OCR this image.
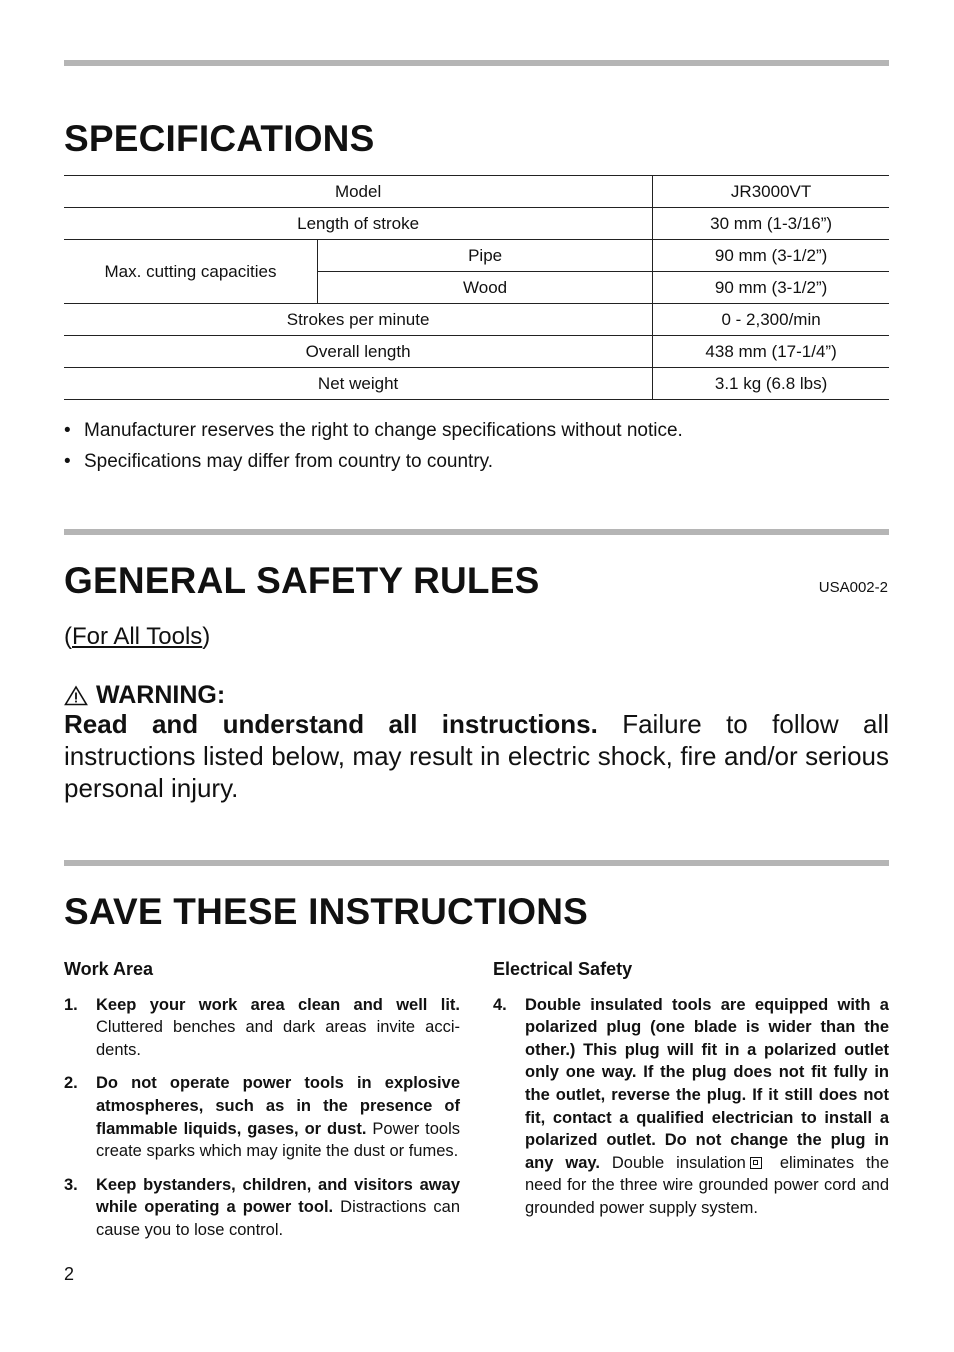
SPECIFICATIONS
Model		JR3000VT
Length of stroke		30 mm (1-3/16”)
Max. cutting capacities	Pipe	90 mm (3-1/2”)
	Wood	90 mm (3-1/2”)
Strokes per minute		0 - 2,300/min
Overall length		438 mm (17-1/4”)
Net weight		3.1 kg (6.8 lbs)
• Manufacturer reserves the right to change specifications without notice.
• Specifications may differ from country to country.
GENERAL SAFETY RULES	USA002-2
(For All Tools)
WARNING:

Read and understand all instructions. Failure to follow all instructions listed below, may result in electric shock, fire and/or serious personal injury.

SAVE THESE INSTRUCTIONS
Work Area
1.	Keep your work area clean and well lit. Cluttered benches and dark areas invite accidents.
2.	Do not operate power tools in explosive atmospheres, such as in the presence of flammable liquids, gases, or dust. Power tools create sparks which may ignite the dust or fumes.
3.	Keep bystanders, children, and visitors away while operating a power tool. Distractions can cause you to lose control.
Electrical Safety
4.	Double insulated tools are equipped with a polarized plug (one blade is wider than the other.) This plug will fit in a polarized outlet only one way. If the plug does not fit fully in the outlet, reverse the plug. If it still does not fit, contact a qualified electrician to install a polarized outlet. Do not change the plug in any way. Double insulation eliminates the need for the three wire grounded power cord and grounded power supply system.
2
